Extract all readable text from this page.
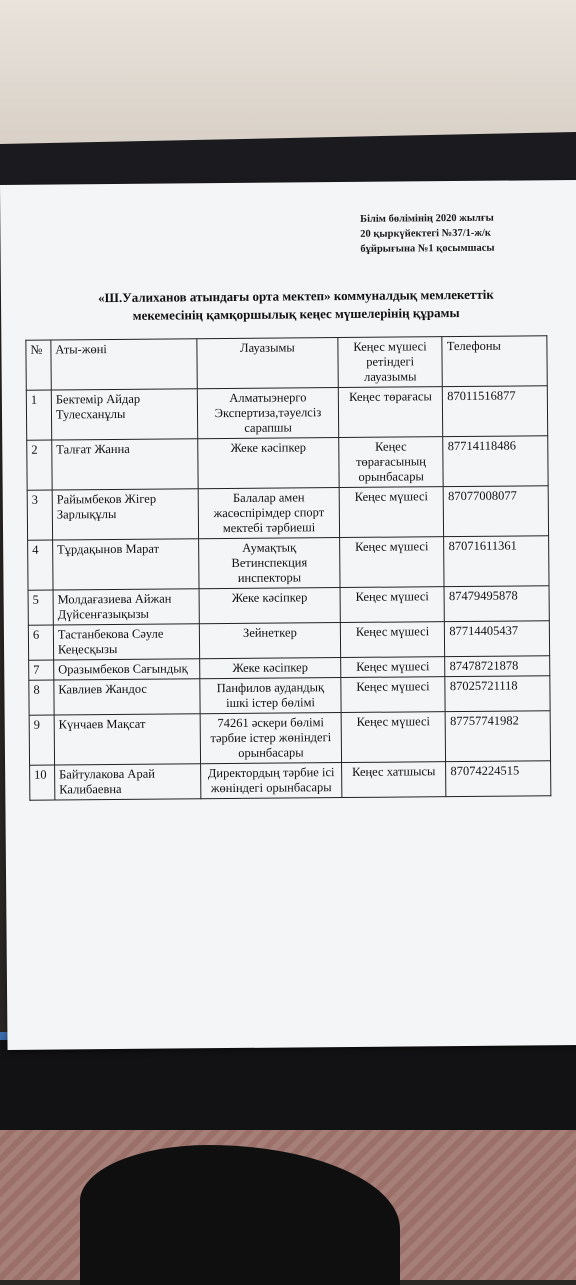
Білім бөлімінің 2020 жылғы
20 қыркүйектегі №37/1-ж/к
бұйрығына №1 қосымшасы
«Ш.Уалиханов атындағы орта мектеп» коммуналдық мемлекеттік
мекемесінің қамқоршылық кеңес мүшелерінің құрамы
№	Аты-жөні	Лауазымы	Кеңес мүшесі ретіндегі лауазымы	Телефоны
1	Бектемір Айдар Тулесханұлы	Алматыэнерго Экспертиза,тәуелсіз сарапшы	Кеңес төрағасы	87011516877
2	Талғат Жанна	Жеке кәсіпкер	Кеңес төрағасының орынбасары	87714118486
3	Райымбеков Жігер Зарлықұлы	Балалар амен жасөспірімдер спорт мектебі тәрбиеші	Кеңес мүшесі	87077008077
4	Тұрдақынов Марат	Аумақтық Ветинспекция инспекторы	Кеңес мүшесі	87071611361
5	Молдағазиева Айжан Дүйсенғазықызы	Жеке кәсіпкер	Кеңес мүшесі	87479495878
6	Тастанбекова Сәуле Кеңесқызы	Зейнеткер	Кеңес мүшесі	87714405437
7	Оразымбеков Сағындық	Жеке кәсіпкер	Кеңес мүшесі	87478721878
8	Кавлиев Жандос	Панфилов аудандық ішкі істер бөлімі	Кеңес мүшесі	87025721118
9	Күнчаев Мақсат	74261 әскери бөлімі тәрбие істер жөніндегі орынбасары	Кеңес мүшесі	87757741982
10	Байтулакова Арай Калибаевна	Директордың тәрбие ісі жөніндегі орынбасары	Кеңес хатшысы	87074224515
